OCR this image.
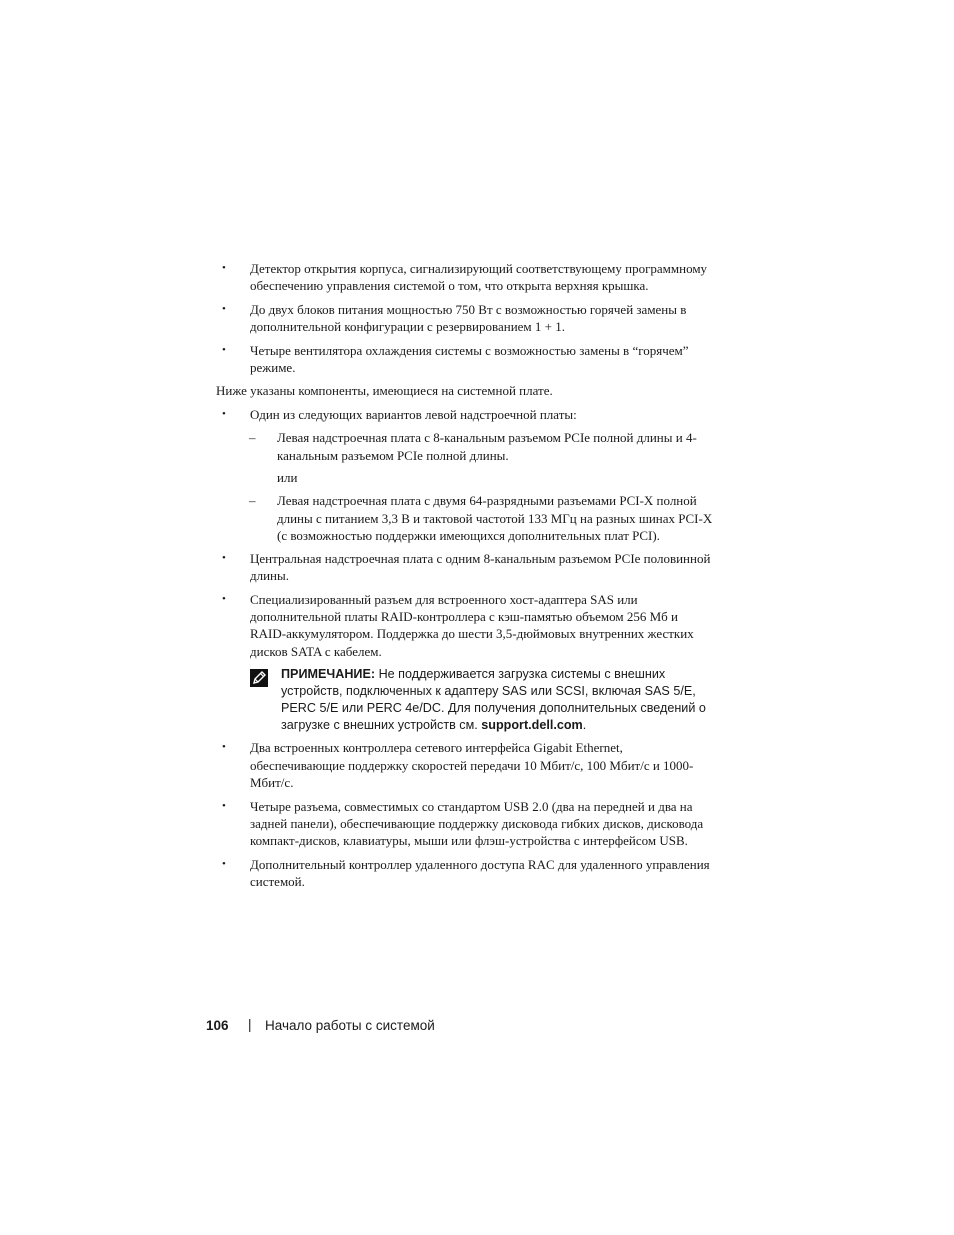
• Детектор открытия корпуса, сигнализирующий соответствующему программному обеспечению управления системой о том, что открыта верхняя крышка.
• До двух блоков питания мощностью 750 Вт с возможностью горячей замены в дополнительной конфигурации с резервированием 1 + 1.
• Четыре вентилятора охлаждения системы с возможностью замены в “горячем” режиме.

Ниже указаны компоненты, имеющиеся на системной плате.

• Один из следующих вариантов левой надстроечной платы:
– Левая надстроечная плата с 8-канальным разъемом PCIe полной длины и 4-канальным разъемом PCIe полной длины.

или

– Левая надстроечная плата с двумя 64-разрядными разъемами PCI-X полной длины с питанием 3,3 В и тактовой частотой 133 МГц на разных шинах PCI-X (с возможностью поддержки имеющихся дополнительных плат PCI).
• Центральная надстроечная плата с одним 8-канальным разъемом PCIe половинной длины.
• Специализированный разъем для встроенного хост-адаптера SAS или дополнительной платы RAID-контроллера с кэш-памятью объемом 256 Мб и RAID-аккумулятором. Поддержка до шести 3,5-дюймовых внутренних жестких дисков SATA с кабелем.
ПРИМЕЧАНИЕ: Не поддерживается загрузка системы с внешних устройств, подключенных к адаптеру SAS или SCSI, включая SAS 5/E, PERC 5/E или PERC 4e/DC. Для получения дополнительных сведений о загрузке с внешних устройств см. support.dell.com.
• Два встроенных контроллера сетевого интерфейса Gigabit Ethernet, обеспечивающие поддержку скоростей передачи 10 Мбит/с, 100 Мбит/с и 1000-Мбит/с.
• Четыре разъема, совместимых со стандартом USB 2.0 (два на передней и два на задней панели), обеспечивающие поддержку дисковода гибких дисков, дисковода компакт-дисков, клавиатуры, мыши или флэш-устройства с интерфейсом USB.
• Дополнительный контроллер удаленного доступа RAC для удаленного управления системой.
106 | Начало работы с системой
